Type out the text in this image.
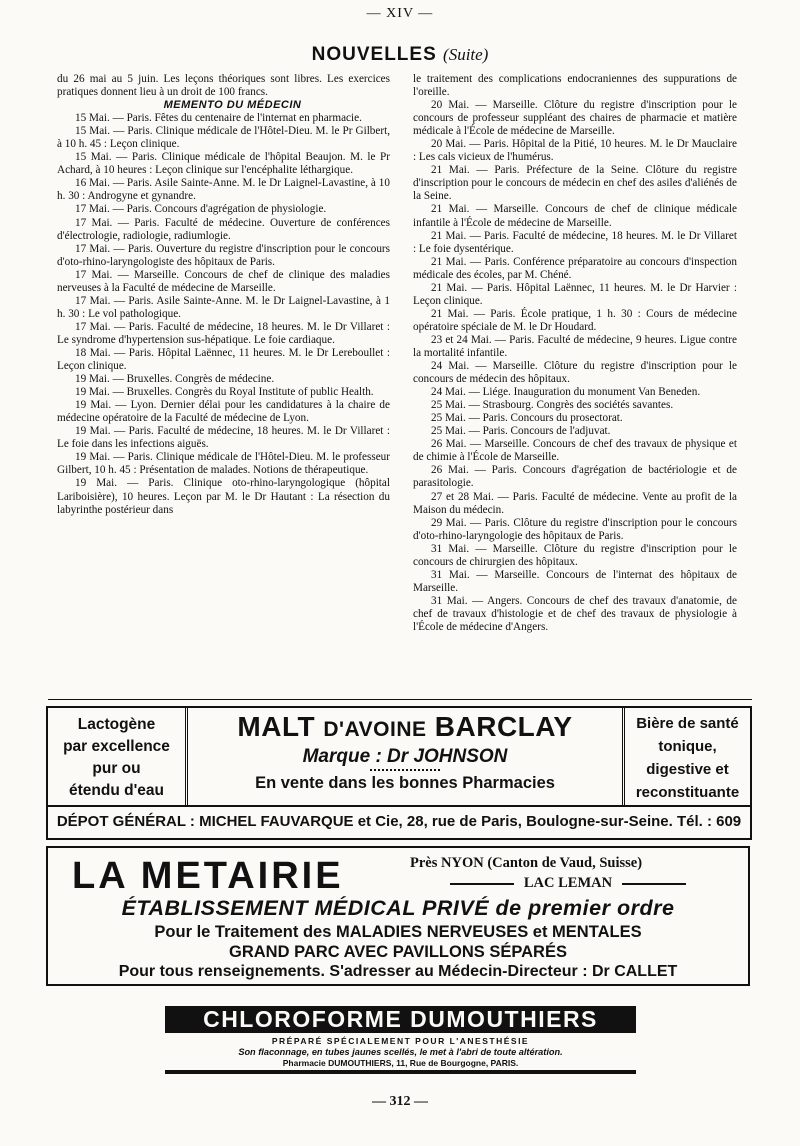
— XIV —
NOUVELLES (Suite)

du 26 mai au 5 juin. Les leçons théoriques sont libres. Les exercices pratiques donnent lieu à un droit de 100 francs.

MEMENTO DU MÉDECIN

15 Mai. — Paris. Fêtes du centenaire de l'internat en pharmacie.

15 Mai. — Paris. Clinique médicale de l'Hôtel-Dieu. M. le Pr Gilbert, à 10 h. 45 : Leçon clinique.

15 Mai. — Paris. Clinique médicale de l'hôpital Beaujon. M. le Pr Achard, à 10 heures : Leçon clinique sur l'encéphalite léthargique.

16 Mai. — Paris. Asile Sainte-Anne. M. le Dr Laignel-Lavastine, à 10 h. 30 : Androgyne et gynandre.

17 Mai. — Paris. Concours d'agrégation de physiologie.

17 Mai. — Paris. Faculté de médecine. Ouverture de conférences d'électrologie, radiologie, radiumlogie.

17 Mai. — Paris. Ouverture du registre d'inscription pour le concours d'oto-rhino-laryngologiste des hôpitaux de Paris.

17 Mai. — Marseille. Concours de chef de clinique des maladies nerveuses à la Faculté de médecine de Marseille.

17 Mai. — Paris. Asile Sainte-Anne. M. le Dr Laignel-Lavastine, à 1 h. 30 : Le vol pathologique.

17 Mai. — Paris. Faculté de médecine, 18 heures. M. le Dr Villaret : Le syndrome d'hypertension sus-hépatique. Le foie cardiaque.

18 Mai. — Paris. Hôpital Laënnec, 11 heures. M. le Dr Lereboullet : Leçon clinique.

19 Mai. — Bruxelles. Congrès de médecine.

19 Mai. — Bruxelles. Congrès du Royal Institute of public Health.

19 Mai. — Lyon. Dernier délai pour les candidatures à la chaire de médecine opératoire de la Faculté de médecine de Lyon.

19 Mai. — Paris. Faculté de médecine, 18 heures. M. le Dr Villaret : Le foie dans les infections aiguës.

19 Mai. — Paris. Clinique médicale de l'Hôtel-Dieu. M. le professeur Gilbert, 10 h. 45 : Présentation de malades. Notions de thérapeutique.

19 Mai. — Paris. Clinique oto-rhino-laryngologique (hôpital Lariboisière), 10 heures. Leçon par M. le Dr Hautant : La résection du labyrinthe postérieur dans

le traitement des complications endocraniennes des suppurations de l'oreille.

20 Mai. — Marseille. Clôture du registre d'inscription pour le concours de professeur suppléant des chaires de pharmacie et matière médicale à l'École de médecine de Marseille.

20 Mai. — Paris. Hôpital de la Pitié, 10 heures. M. le Dr Mauclaire : Les cals vicieux de l'humérus.

21 Mai. — Paris. Préfecture de la Seine. Clôture du registre d'inscription pour le concours de médecin en chef des asiles d'aliénés de la Seine.

21 Mai. — Marseille. Concours de chef de clinique médicale infantile à l'École de médecine de Marseille.

21 Mai. — Paris. Faculté de médecine, 18 heures. M. le Dr Villaret : Le foie dysentérique.

21 Mai. — Paris. Conférence préparatoire au concours d'inspection médicale des écoles, par M. Chéné.

21 Mai. — Paris. Hôpital Laënnec, 11 heures. M. le Dr Harvier : Leçon clinique.

21 Mai. — Paris. École pratique, 1 h. 30 : Cours de médecine opératoire spéciale de M. le Dr Houdard.

23 et 24 Mai. — Paris. Faculté de médecine, 9 heures. Ligue contre la mortalité infantile.

24 Mai. — Marseille. Clôture du registre d'inscription pour le concours de médecin des hôpitaux.

24 Mai. — Liége. Inauguration du monument Van Beneden.

25 Mai. — Strasbourg. Congrès des sociétés savantes.

25 Mai. — Paris. Concours du prosectorat.

25 Mai. — Paris. Concours de l'adjuvat.

26 Mai. — Marseille. Concours de chef des travaux de physique et de chimie à l'École de Marseille.

26 Mai. — Paris. Concours d'agrégation de bactériologie et de parasitologie.

27 et 28 Mai. — Paris. Faculté de médecine. Vente au profit de la Maison du médecin.

29 Mai. — Paris. Clôture du registre d'inscription pour le concours d'oto-rhino-laryngologie des hôpitaux de Paris.

31 Mai. — Marseille. Clôture du registre d'inscription pour le concours de chirurgien des hôpitaux.

31 Mai. — Marseille. Concours de l'internat des hôpitaux de Marseille.

31 Mai. — Angers. Concours de chef des travaux d'anatomie, de chef de travaux d'histologie et de chef des travaux de physiologie à l'École de médecine d'Angers.

Lactogène
par excellence
pur ou
étendu d'eau
MALT D'AVOINE BARCLAY
Marque : Dr JOHNSON
En vente dans les bonnes Pharmacies
Bière de santé
tonique,
digestive et
reconstituante
DÉPOT GÉNÉRAL : MICHEL FAUVARQUE et Cie, 28, rue de Paris, Boulogne-sur-Seine. Tél. : 609
LA METAIRIE	Près NYON (Canton de Vaud, Suisse)
LAC LEMAN
ÉTABLISSEMENT MÉDICAL PRIVÉ de premier ordre
Pour le Traitement des MALADIES NERVEUSES et MENTALES
GRAND PARC AVEC PAVILLONS SÉPARÉS
Pour tous renseignements. S'adresser au Médecin-Directeur : Dr CALLET
CHLOROFORME DUMOUTHIERS
PRÉPARÉ SPÉCIALEMENT POUR L'ANESTHÉSIE
Son flaconnage, en tubes jaunes scellés, le met à l'abri de toute altération.
Pharmacie DUMOUTHIERS, 11, Rue de Bourgogne, PARIS.
— 312 —
